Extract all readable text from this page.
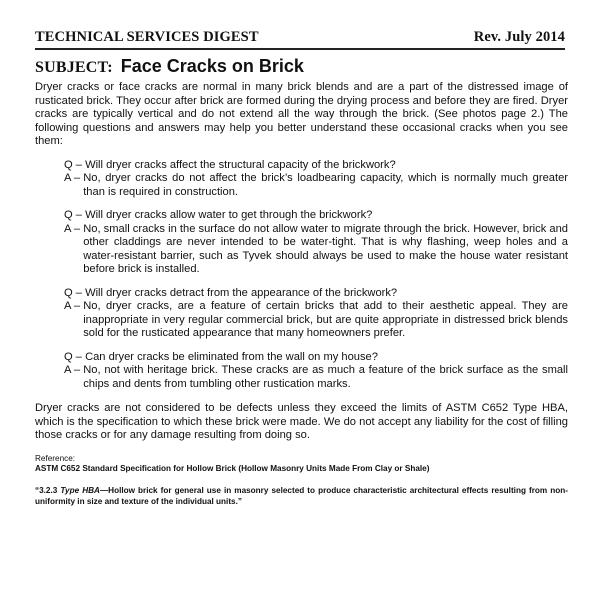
TECHNICAL SERVICES DIGEST	Rev. July 2014
SUBJECT: Face Cracks on Brick

Dryer cracks or face cracks are normal in many brick blends and are a part of the distressed image of rusticated brick. They occur after brick are formed during the drying process and before they are fired. Dryer cracks are typically vertical and do not extend all the way through the brick. (See photos page 2.) The following questions and answers may help you better understand these occasional cracks when you see them:

Q – Will dryer cracks affect the structural capacity of the brickwork?
A – No, dryer cracks do not affect the brick’s loadbearing capacity, which is normally much greater than is required in construction.
Q – Will dryer cracks allow water to get through the brickwork?
A – No, small cracks in the surface do not allow water to migrate through the brick. However, brick and other claddings are never intended to be water-tight. That is why flashing, weep holes and a water-resistant barrier, such as Tyvek should always be used to make the house water resistant before brick is installed.
Q – Will dryer cracks detract from the appearance of the brickwork?
A – No, dryer cracks, are a feature of certain bricks that add to their aesthetic appeal. They are inappropriate in very regular commercial brick, but are quite appropriate in distressed brick blends sold for the rusticated appearance that many homeowners prefer.
Q – Can dryer cracks be eliminated from the wall on my house?
A – No, not with heritage brick. These cracks are as much a feature of the brick surface as the small chips and dents from tumbling other rustication marks.

Dryer cracks are not considered to be defects unless they exceed the limits of ASTM C652 Type HBA, which is the specification to which these brick were made. We do not accept any liability for the cost of filling those cracks or for any damage resulting from doing so.

Reference:
ASTM C652 Standard Specification for Hollow Brick (Hollow Masonry Units Made From Clay or Shale)
“3.2.3 Type HBA—Hollow brick for general use in masonry selected to produce characteristic architectural effects resulting from non-uniformity in size and texture of the individual units.”
